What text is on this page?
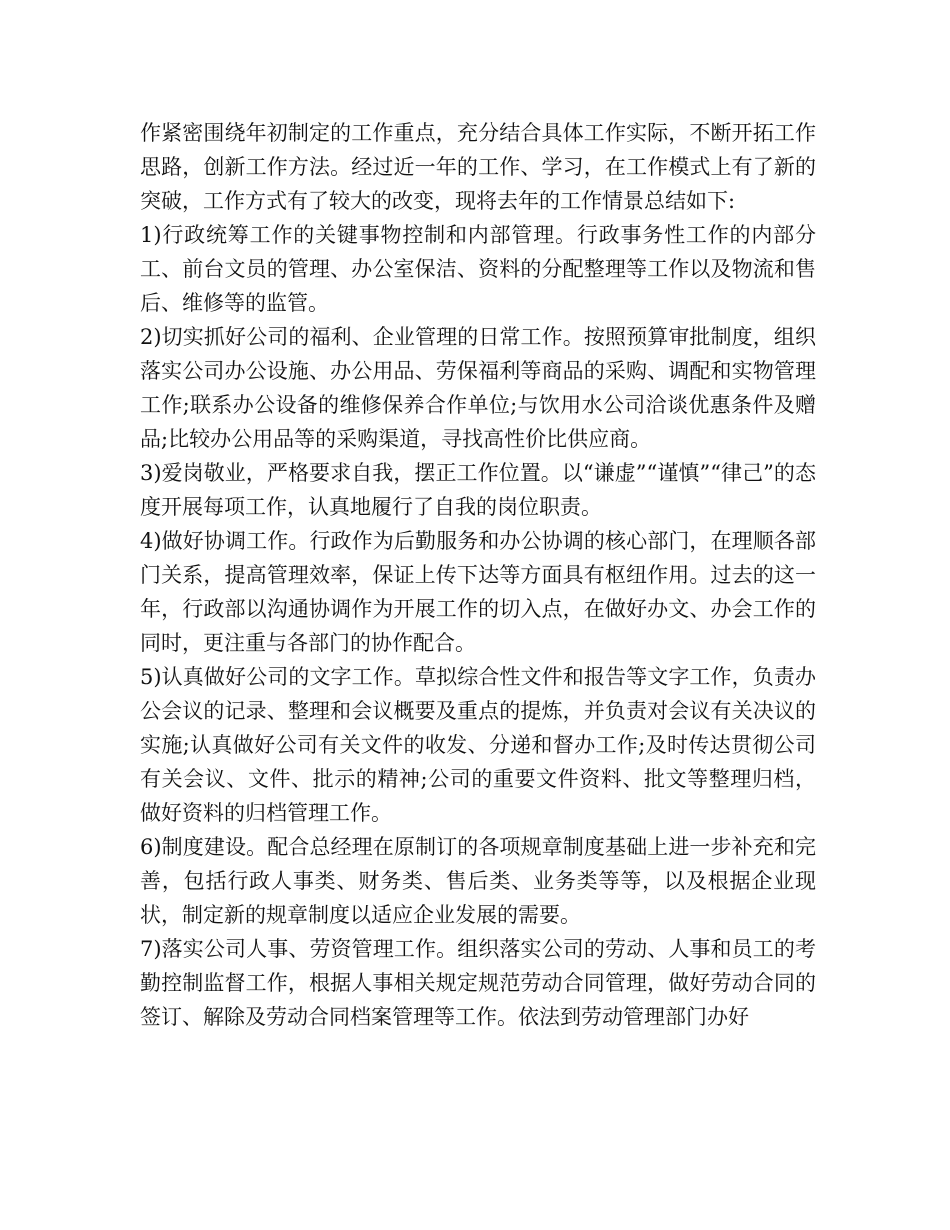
作紧密围绕年初制定的工作重点，充分结合具体工作实际，不断开拓工作思路，创新工作方法。经过近一年的工作、学习，在工作模式上有了新的突破，工作方式有了较大的改变，现将去年的工作情景总结如下:

1)行政统筹工作的关键事物控制和内部管理。行政事务性工作的内部分工、前台文员的管理、办公室保洁、资料的分配整理等工作以及物流和售后、维修等的监管。

2)切实抓好公司的福利、企业管理的日常工作。按照预算审批制度，组织落实公司办公设施、办公用品、劳保福利等商品的采购、调配和实物管理工作;联系办公设备的维修保养合作单位;与饮用水公司洽谈优惠条件及赠品;比较办公用品等的采购渠道，寻找高性价比供应商。

3)爱岗敬业，严格要求自我，摆正工作位置。以“谦虚”“谨慎”“律己”的态度开展每项工作，认真地履行了自我的岗位职责。

4)做好协调工作。行政作为后勤服务和办公协调的核心部门，在理顺各部门关系，提高管理效率，保证上传下达等方面具有枢纽作用。过去的这一年，行政部以沟通协调作为开展工作的切入点，在做好办文、办会工作的同时，更注重与各部门的协作配合。

5)认真做好公司的文字工作。草拟综合性文件和报告等文字工作，负责办公会议的记录、整理和会议概要及重点的提炼，并负责对会议有关决议的实施;认真做好公司有关文件的收发、分递和督办工作;及时传达贯彻公司有关会议、文件、批示的精神;公司的重要文件资料、批文等整理归档，做好资料的归档管理工作。

6)制度建设。配合总经理在原制订的各项规章制度基础上进一步补充和完善，包括行政人事类、财务类、售后类、业务类等等，以及根据企业现状，制定新的规章制度以适应企业发展的需要。

7)落实公司人事、劳资管理工作。组织落实公司的劳动、人事和员工的考勤控制监督工作，根据人事相关规定规范劳动合同管理，做好劳动合同的签订、解除及劳动合同档案管理等工作。依法到劳动管理部门办好
